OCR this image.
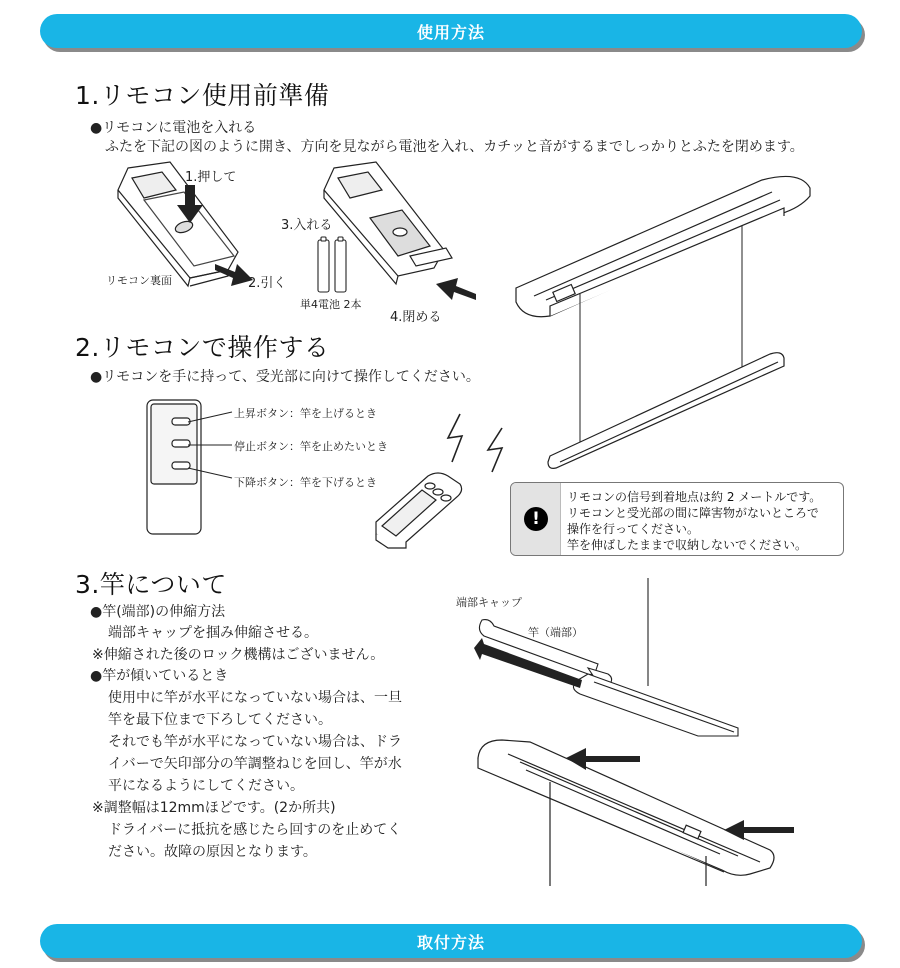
使用方法
1.リモコン使用前準備
●リモコンに電池を入れる
ふたを下記の図のように開き、方向を見ながら電池を入れ、カチッと音がするまでしっかりとふたを閉めます。
1.押して
2.引く
リモコン裏面
3.入れる
単4電池 2本
4.閉める
2.リモコンで操作する
●リモコンを手に持って、受光部に向けて操作してください。
上昇ボタン：竿を上げるとき
停止ボタン：竿を止めたいとき
下降ボタン：竿を下げるとき
!
リモコンの信号到着地点は約 2 メートルです。
リモコンと受光部の間に障害物がないところで
操作を行ってください。
竿を伸ばしたままで収納しないでください。
3.竿について
●竿(端部)の伸縮方法
端部キャップを掴み伸縮させる。
※伸縮された後のロック機構はございません。
●竿が傾いているとき
使用中に竿が水平になっていない場合は、一旦
竿を最下位まで下ろしてください。
それでも竿が水平になっていない場合は、ドラ
イバーで矢印部分の竿調整ねじを回し、竿が水
平になるようにしてください。
※調整幅は12mmほどです。(2か所共)
ドライバーに抵抗を感じたら回すのを止めてく
ださい。故障の原因となります。
端部キャップ
竿（端部）
取付方法
